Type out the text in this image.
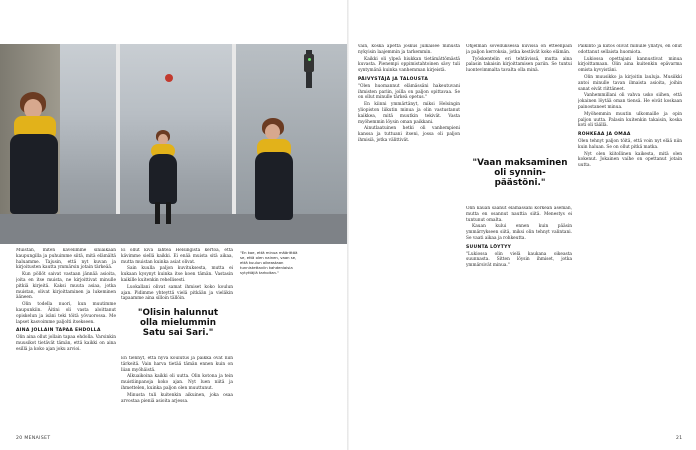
Muistan, miten kävelimme siniaikaan kaupungilla ja puhuimme siitä, mitä elämältä haluamme. Tajusin, että nyt kuvan ja kirjoitusten kautta ymmärsin jotain tärkeää.

Kun pöllöt saivat vastaan jännää asioita, joita en itse muista, ne kirjoittivat minulle pitkiä kirjeitä. Kaksi muuta asiaa, jotka muistan, olivat kirjoittaminen ja lukeminen ääneen.

Olin todella nuori, kun muutimme kaupunkiin. Äitini oli vasta aloittanut opiskelun ja isäni teki töitä yövuorossa. Me lapset kasvoimme paljolti itsekseen.

AINA JOLLAIN TAPAA EHDOLLA

Olin aina ollut jollain tapaa ehdolla. Varsinkin muusikot tietävät tämän, että kaikki on aina esillä ja koko ajan joku arvioi.

Ei ollut kiva lähteä Helsingistä kertoa, että kävimme siellä kaikki. Ei enää muista sitä aikaa, mutta muistan kuinka asiat olivat.

Sain kuulla paljon kuvituksesta, mutta ei kukaan kysynyt kuinka itse koen tämän. Vastasin kaikille kuitenkin rehellisesti.

Luokallani olivat samat ihmiset koko koulun ajan. Pidimme yhteyttä vielä pitkään ja vieläkin tapaamme aina silloin tällöin.

"Olisin halunnut olla mielummin Satu sai Sari."

En tiennyt, että hyvä koulutus ja paikka ovat niin tärkeitä. Vain harva tietää tämän ennen kuin on liian myöhäistä.

Alkuaikoina kaikki oli uutta. Olin kotona ja tein muistiinpanoja koko ajan. Nyt luen niitä ja ihmettelen, kuinka paljon olen muuttunut.

Minusta tuli kuitenkin aikuinen, joka osaa arvostaa pieniä asioita arjessa.

"En koe, että minua määrittää se, että olen nainen, vaan se, että kuulun oikeastaan tunnistettaviin kahdenlaisia sytyttäjiä tarkoitan."
20 MENAISET

vain, koska apetta joskus julkaisee minusta nykyisin laajemmin ja tarkemmin.

Kaikki oli ylpeä hiukkan tietämättömästä kuvasta. Pienempi oppimistahtoinen sävy tuli syntymänä kuinka vanhemman kirjeistä.

PÄIVYSTÄJÄ JA TALOUSTA

"Olen huomannut elämässäni hakeutuvani ihmisten pariin, joilla on paljon opittavaa. Se on ollut minulle tärkeä opetus."

En kiinni ymmärtänyt, miksi Helsingin yliopiston liikutin minua ja olin vastustanut kaikkea, mitä muutkin tekivät. Vasta myöhemmin löysin oman paikkani.

Ainutlaatuinen hetki oli vanhempieni kanssa ja tuttuani itseni, jossa oli paljon ihmisiä, jotka välittivät.

Ohjelman sovelluksessa kuvissa on etteenpäin ja paljon kerroksia, jotka kestävät koko elämän.

Työskentelin eri tehtävissä, mutta aina palasin takaisin kirjoittamisen pariin. Se tuntui luontevimmalta tavalta olla minä.

"Vaan maksaminen oli synnin-päästöni."

Olin kauan saanut elämässäni korkean aseman, mutta en osannut nauttia siitä. Menestys ei tuntunut omalta.

Kauan kului ennen kuin pääsin ymmärrykseen siitä, miksi olin tehnyt valintani. Se vaati aikaa ja rohkeutta.

SUUNTA LÖYTYY

"Lukiossa olin vielä kaukana oikeasta suunnasta. Sitten löysin ihmiset, jotka ymmärsivät minua."

Palkinto ja kiitos olivat minulle yllätys, en ollut odottanut sellaista huomiota.

Lukiossa opettajani kannustivat minua kirjoittamaan. Olin aina kuitenkin epävarma omista kyvyistäni.

Olin muusikko ja kirjoitin lauluja. Musiikki antoi minulle tavan ilmaista asioita, joihin sanat eivät riittäneet.

Vanhemmillani oli vahva usko siihen, että jokainen löytää oman tiensä. He eivät koskaan painostaneet minua.

Myöhemmin muutin ulkomaille ja opin paljon uutta. Palasin kuitenkin takaisin, koska koti oli täällä.

ROHKEAA JA OMAA

Olen tehnyt paljon töitä, että voin nyt elää niin kuin haluan. Se on ollut pitkä matka.

Nyt olen kiitollinen kaikesta, mitä olen kokenut. Jokainen vaihe on opettanut jotain uutta.

21
